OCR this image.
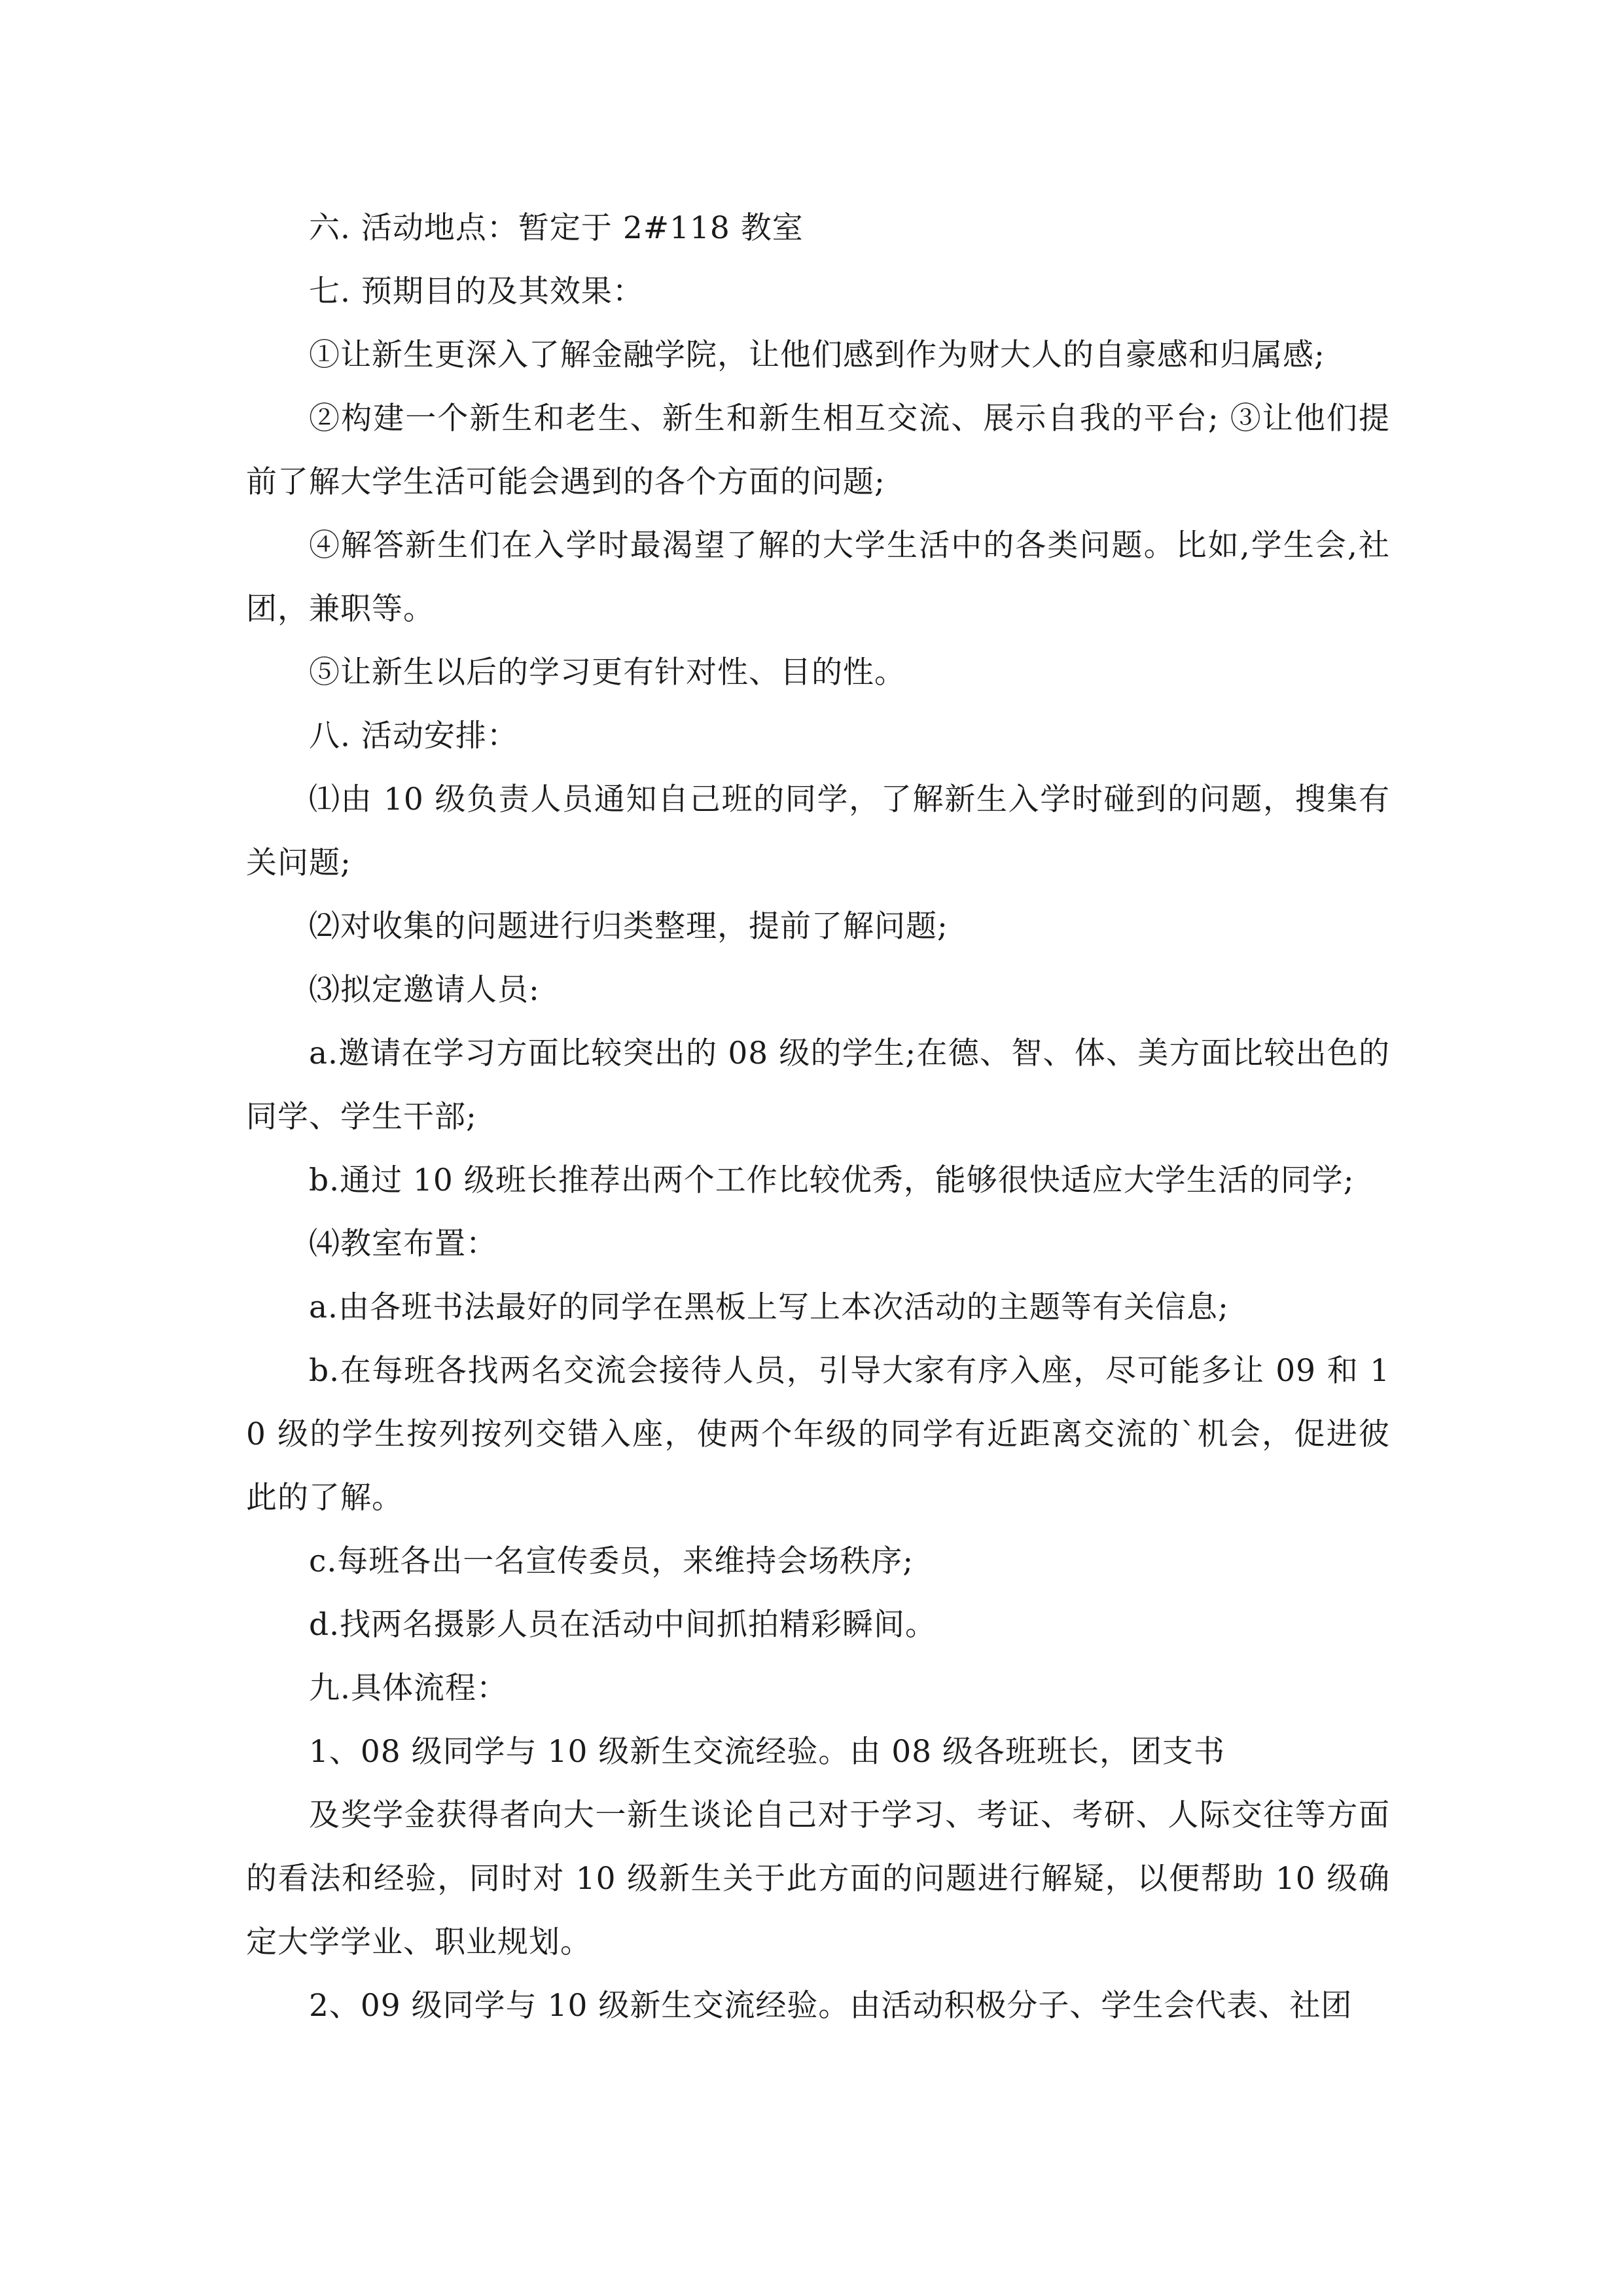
六. 活动地点：暂定于 2#118 教室

七. 预期目的及其效果：

①让新生更深入了解金融学院，让他们感到作为财大人的自豪感和归属感;

②构建一个新生和老生、新生和新生相互交流、展示自我的平台; ③让他们提前了解大学生活可能会遇到的各个方面的问题;

④解答新生们在入学时最渴望了解的大学生活中的各类问题。比如,学生会,社团，兼职等。

⑤让新生以后的学习更有针对性、目的性。

八. 活动安排：

⑴由 10 级负责人员通知自己班的同学，了解新生入学时碰到的问题，搜集有关问题;

⑵对收集的问题进行归类整理，提前了解问题;

⑶拟定邀请人员:

a.邀请在学习方面比较突出的 08 级的学生;在德、智、体、美方面比较出色的同学、学生干部;

b.通过 10 级班长推荐出两个工作比较优秀，能够很快适应大学生活的同学;

⑷教室布置：

a.由各班书法最好的同学在黑板上写上本次活动的主题等有关信息;

b.在每班各找两名交流会接待人员，引导大家有序入座，尽可能多让 09 和 10 级的学生按列按列交错入座，使两个年级的同学有近距离交流的`机会，促进彼此的了解。

c.每班各出一名宣传委员，来维持会场秩序;

d.找两名摄影人员在活动中间抓拍精彩瞬间。

九.具体流程：

1、08 级同学与 10 级新生交流经验。由 08 级各班班长，团支书

及奖学金获得者向大一新生谈论自己对于学习、考证、考研、人际交往等方面的看法和经验，同时对 10 级新生关于此方面的问题进行解疑，以便帮助 10 级确定大学学业、职业规划。

2、09 级同学与 10 级新生交流经验。由活动积极分子、学生会代表、社团
